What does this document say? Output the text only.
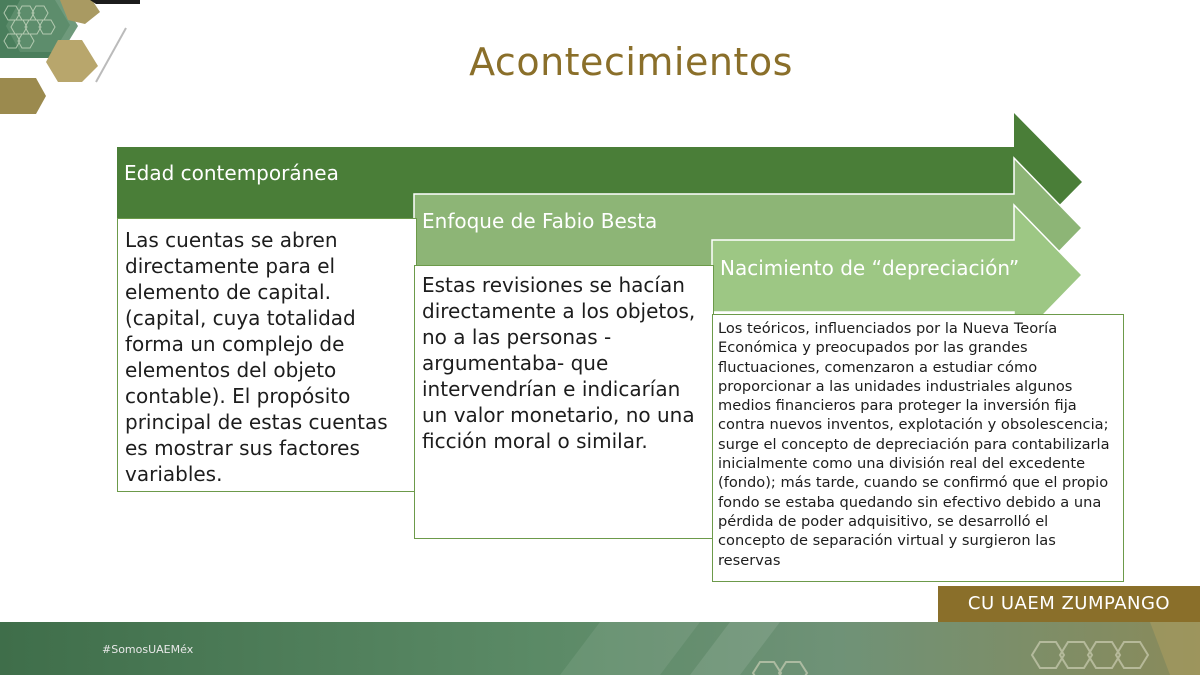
Acontecimientos
Edad contemporánea
Enfoque de Fabio Besta
Nacimiento de “depreciación”
Las cuentas se abren directamente para el elemento de capital. (capital, cuya totalidad forma un complejo de elementos del objeto contable). El propósito principal de estas cuentas es mostrar sus factores variables.
Estas revisiones se hacían directamente a los objetos, no a las personas - argumentaba- que intervendrían e indicarían un valor monetario, no una ficción moral o similar.
Los teóricos, influenciados por la Nueva Teoría Económica y preocupados por las grandes fluctuaciones, comenzaron a estudiar cómo proporcionar a las unidades industriales algunos medios financieros para proteger la inversión fija contra nuevos inventos, explotación y obsolescencia; surge el concepto de depreciación para contabilizarla inicialmente como una división real del excedente (fondo); más tarde, cuando se confirmó que el propio fondo se estaba quedando sin efectivo debido a una pérdida de poder adquisitivo, se desarrolló el concepto de separación virtual y surgieron las reservas
CU UAEM ZUMPANGO
#SomosUAEMéx
